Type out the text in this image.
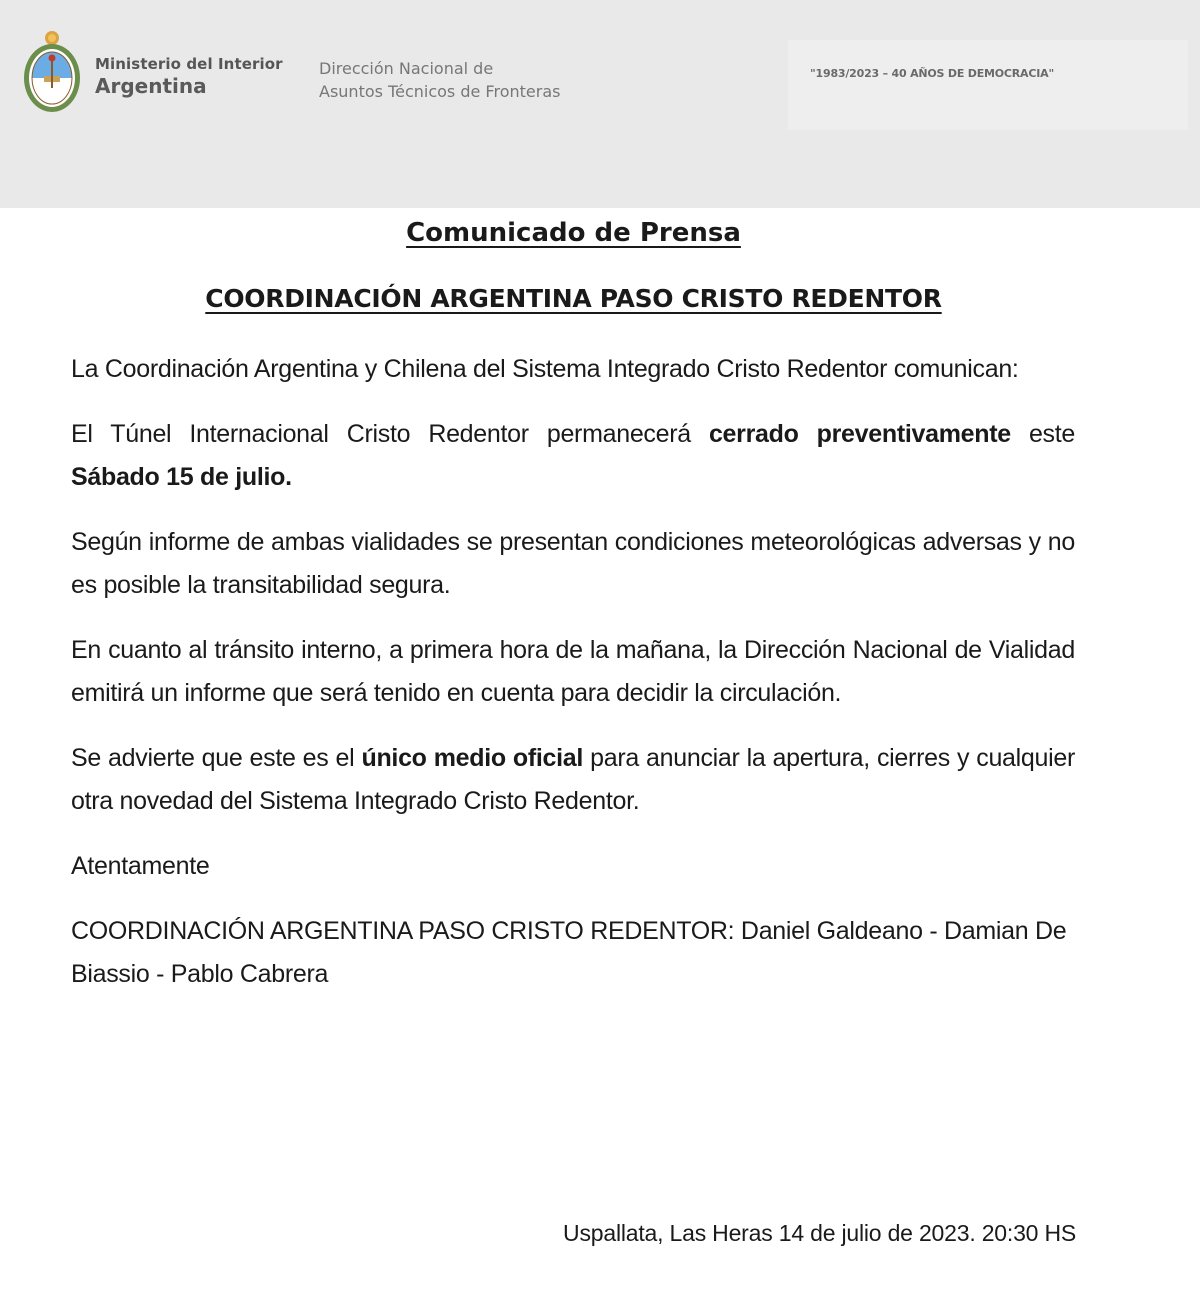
Ministerio del Interior
Argentina
Dirección Nacional de
Asuntos Técnicos de Fronteras
"1983/2023 – 40 AÑOS DE DEMOCRACIA"
Comunicado de Prensa
COORDINACIÓN ARGENTINA PASO CRISTO REDENTOR

La Coordinación Argentina y Chilena del Sistema Integrado Cristo Redentor comunican:

El Túnel Internacional Cristo Redentor permanecerá cerrado preventivamente este Sábado 15 de julio.

Según informe de ambas vialidades se presentan condiciones meteorológicas adversas y no es posible la transitabilidad segura.

En cuanto al tránsito interno, a primera hora de la mañana, la Dirección Nacional de Vialidad emitirá un informe que será tenido en cuenta para decidir la circulación.

Se advierte que este es el único medio oficial para anunciar la apertura, cierres y cualquier otra novedad del Sistema Integrado Cristo Redentor.

Atentamente

COORDINACIÓN ARGENTINA PASO CRISTO REDENTOR: Daniel Galdeano - Damian De Biassio - Pablo Cabrera

Uspallata, Las Heras 14 de julio de 2023. 20:30 HS
